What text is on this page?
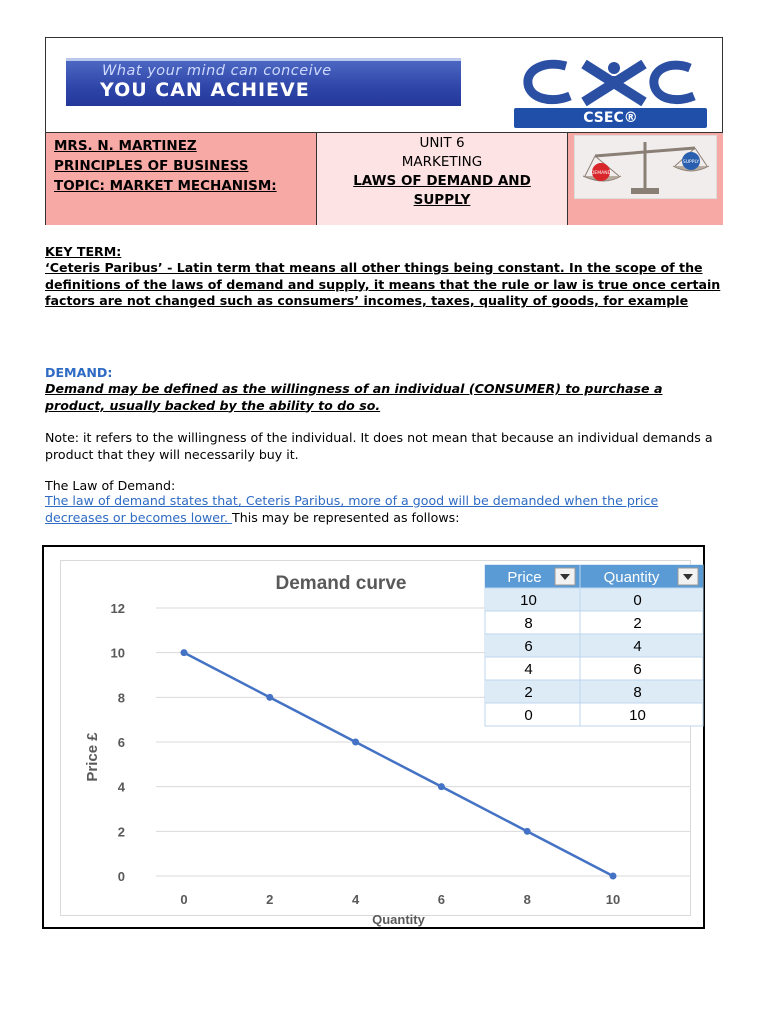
What your mind can conceive
YOU CAN ACHIEVE
CSEC®
MRS. N. MARTINEZ
PRINCIPLES OF BUSINESS
TOPIC: MARKET MECHANISM:
UNIT 6
MARKETING
LAWS OF DEMAND AND SUPPLY
DEMAND
SUPPLY
KEY TERM:
‘Ceteris Paribus’ - Latin term that means all other things being constant. In the scope of the definitions of the laws of demand and supply, it means that the rule or law is true once certain factors are not changed such as consumers’ incomes, taxes, quality of goods, for example
DEMAND:
Demand may be defined as the willingness of an individual (CONSUMER) to purchase a product, usually backed by the ability to do so.
Note: it refers to the willingness of the individual. It does not mean that because an individual demands a product that they will necessarily buy it.
The Law of Demand:
The law of demand states that, Ceteris Paribus, more of a good will be demanded when the price decreases or becomes lower. This may be represented as follows:
0
2
4
6
8
10
12
0	2	4	6	8	10
Demand curve
Quantity
Price £
Price	Quantity
10	0
8	2
6	4
4	6
2	8
0	10
